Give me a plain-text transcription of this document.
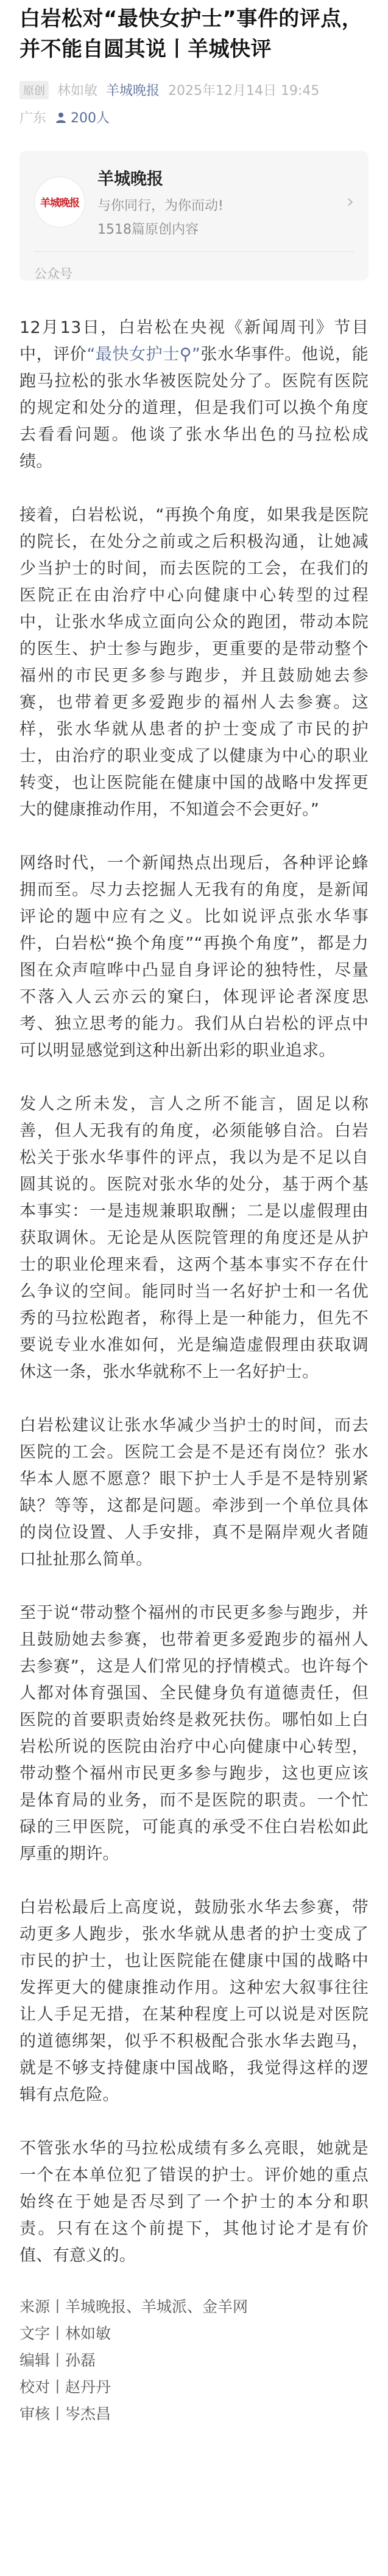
白岩松对“最快女护士”事件的评点，并不能自圆其说丨羊城快评
原创 林如敏 羊城晚报 2025年12月14日 19:45
广东 200人
羊城晚报
羊城晚报
与你同行，为你而动!
1518篇原创内容
›
公众号

12月13日，白岩松在央视《新闻周刊》节目中，评价“最快女护士⚲”张水华事件。他说，能跑马拉松的张水华被医院处分了。医院有医院的规定和处分的道理，但是我们可以换个角度去看看问题。他谈了张水华出色的马拉松成绩。

接着，白岩松说，“再换个角度，如果我是医院的院长，在处分之前或之后积极沟通，让她减少当护士的时间，而去医院的工会，在我们的医院正在由治疗中心向健康中心转型的过程中，让张水华成立面向公众的跑团，带动本院的医生、护士参与跑步，更重要的是带动整个福州的市民更多参与跑步，并且鼓励她去参赛，也带着更多爱跑步的福州人去参赛。这样，张水华就从患者的护士变成了市民的护士，由治疗的职业变成了以健康为中心的职业转变，也让医院能在健康中国的战略中发挥更大的健康推动作用，不知道会不会更好。”

网络时代，一个新闻热点出现后，各种评论蜂拥而至。尽力去挖掘人无我有的角度，是新闻评论的题中应有之义。比如说评点张水华事件，白岩松“换个角度”“再换个角度”，都是力图在众声喧哗中凸显自身评论的独特性，尽量不落入人云亦云的窠臼，体现评论者深度思考、独立思考的能力。我们从白岩松的评点中可以明显感觉到这种出新出彩的职业追求。

发人之所未发，言人之所不能言，固足以称善，但人无我有的角度，必须能够自洽。白岩松关于张水华事件的评点，我以为是不足以自圆其说的。医院对张水华的处分，基于两个基本事实：一是违规兼职取酬；二是以虚假理由获取调休。无论是从医院管理的角度还是从护士的职业伦理来看，这两个基本事实不存在什么争议的空间。能同时当一名好护士和一名优秀的马拉松跑者，称得上是一种能力，但先不要说专业水准如何，光是编造虚假理由获取调休这一条，张水华就称不上一名好护士。

白岩松建议让张水华减少当护士的时间，而去医院的工会。医院工会是不是还有岗位？张水华本人愿不愿意？眼下护士人手是不是特别紧缺？等等，这都是问题。牵涉到一个单位具体的岗位设置、人手安排，真不是隔岸观火者随口扯扯那么简单。

至于说“带动整个福州的市民更多参与跑步，并且鼓励她去参赛，也带着更多爱跑步的福州人去参赛”，这是人们常见的抒情模式。也许每个人都对体育强国、全民健身负有道德责任，但医院的首要职责始终是救死扶伤。哪怕如上白岩松所说的医院由治疗中心向健康中心转型，带动整个福州市民更多参与跑步，这也更应该是体育局的业务，而不是医院的职责。一个忙碌的三甲医院，可能真的承受不住白岩松如此厚重的期许。

白岩松最后上高度说，鼓励张水华去参赛，带动更多人跑步，张水华就从患者的护士变成了市民的护士，也让医院能在健康中国的战略中发挥更大的健康推动作用。这种宏大叙事往往让人手足无措，在某种程度上可以说是对医院的道德绑架，似乎不积极配合张水华去跑马，就是不够支持健康中国战略，我觉得这样的逻辑有点危险。

不管张水华的马拉松成绩有多么亮眼，她就是一个在本单位犯了错误的护士。评价她的重点始终在于她是否尽到了一个护士的本分和职责。只有在这个前提下，其他讨论才是有价值、有意义的。

来源丨羊城晚报、羊城派、金羊网
文字丨林如敏
编辑丨孙磊
校对丨赵丹丹
审核丨岑杰昌
